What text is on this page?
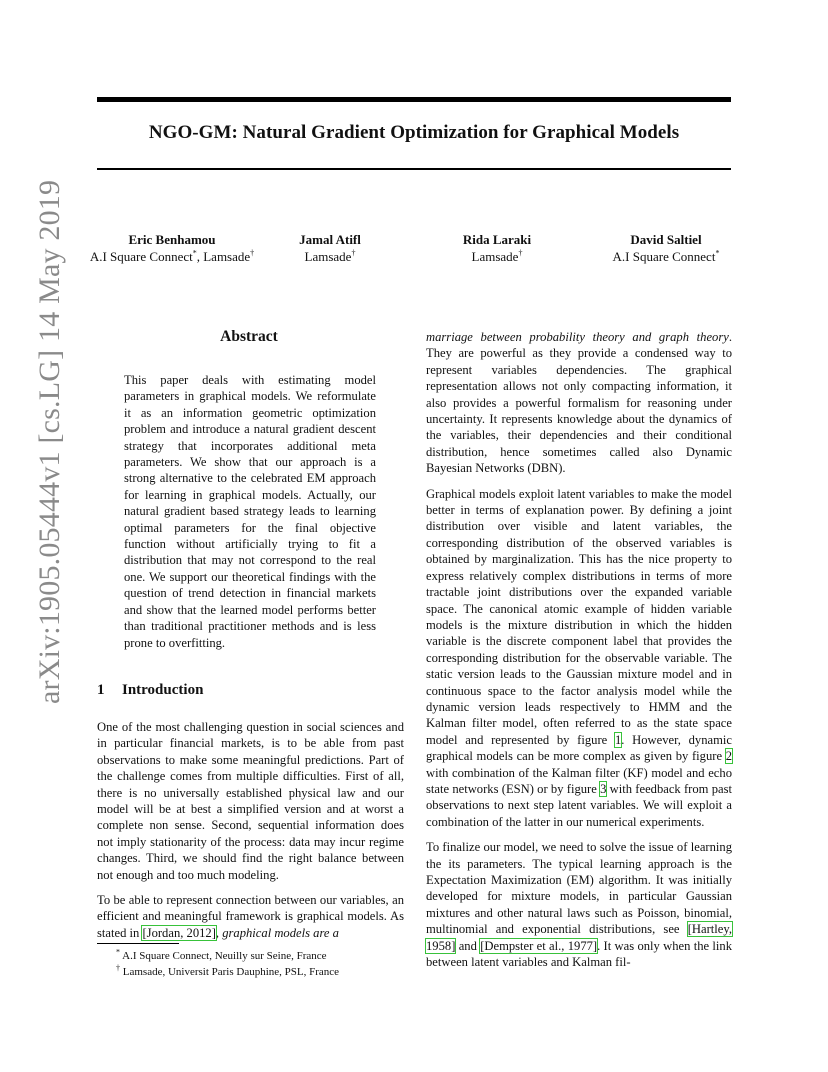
NGO-GM: Natural Gradient Optimization for Graphical Models
arXiv:1905.05444v1 [cs.LG] 14 May 2019	Eric Benhamou
A.I Square Connect*, Lamsade†
Jamal Atifl
Lamsade†
Rida Laraki
Lamsade†
David Saltiel
A.I Square Connect*
Abstract
This paper deals with estimating model parameters in graphical models. We reformulate it as an information geometric optimization problem and introduce a natural gradient descent strategy that incorporates additional meta parameters. We show that our approach is a strong alternative to the celebrated EM approach for learning in graphical models. Actually, our natural gradient based strategy leads to learning optimal parameters for the final objective function without artificially trying to fit a distribution that may not correspond to the real one. We support our theoretical findings with the question of trend detection in financial markets and show that the learned model performs better than traditional practitioner methods and is less prone to overfitting.
1 Introduction

One of the most challenging question in social sciences and in particular financial markets, is to be able from past observations to make some meaningful predictions. Part of the challenge comes from multiple difficulties. First of all, there is no universally established physical law and our model will be at best a simplified version and at worst a complete non sense. Second, sequential information does not imply stationarity of the process: data may incur regime changes. Third, we should find the right balance between not enough and too much modeling.

To be able to represent connection between our variables, an efficient and meaningful framework is graphical models. As stated in [Jordan, 2012], graphical models are a

marriage between probability theory and graph theory. They are powerful as they provide a condensed way to represent variables dependencies. The graphical representation allows not only compacting information, it also provides a powerful formalism for reasoning under uncertainty. It represents knowledge about the dynamics of the variables, their dependencies and their conditional distribution, hence sometimes called also Dynamic Bayesian Networks (DBN).

Graphical models exploit latent variables to make the model better in terms of explanation power. By defining a joint distribution over visible and latent variables, the corresponding distribution of the observed variables is obtained by marginalization. This has the nice property to express relatively complex distributions in terms of more tractable joint distributions over the expanded variable space. The canonical atomic example of hidden variable models is the mixture distribution in which the hidden variable is the discrete component label that provides the corresponding distribution for the observable variable. The static version leads to the Gaussian mixture model and in continuous space to the factor analysis model while the dynamic version leads respectively to HMM and the Kalman filter model, often referred to as the state space model and represented by figure 1. However, dynamic graphical models can be more complex as given by figure 2 with combination of the Kalman filter (KF) model and echo state networks (ESN) or by figure 3 with feedback from past observations to next step latent variables. We will exploit a combination of the latter in our numerical experiments.

To finalize our model, we need to solve the issue of learning the its parameters. The typical learning approach is the Expectation Maximization (EM) algorithm. It was initially developed for mixture models, in particular Gaussian mixtures and other natural laws such as Poisson, binomial, multinomial and exponential distributions, see [Hartley, 1958] and [Dempster et al., 1977]. It was only when the link between latent variables and Kalman fil-

* A.I Square Connect, Neuilly sur Seine, France
† Lamsade, Universit Paris Dauphine, PSL, France
